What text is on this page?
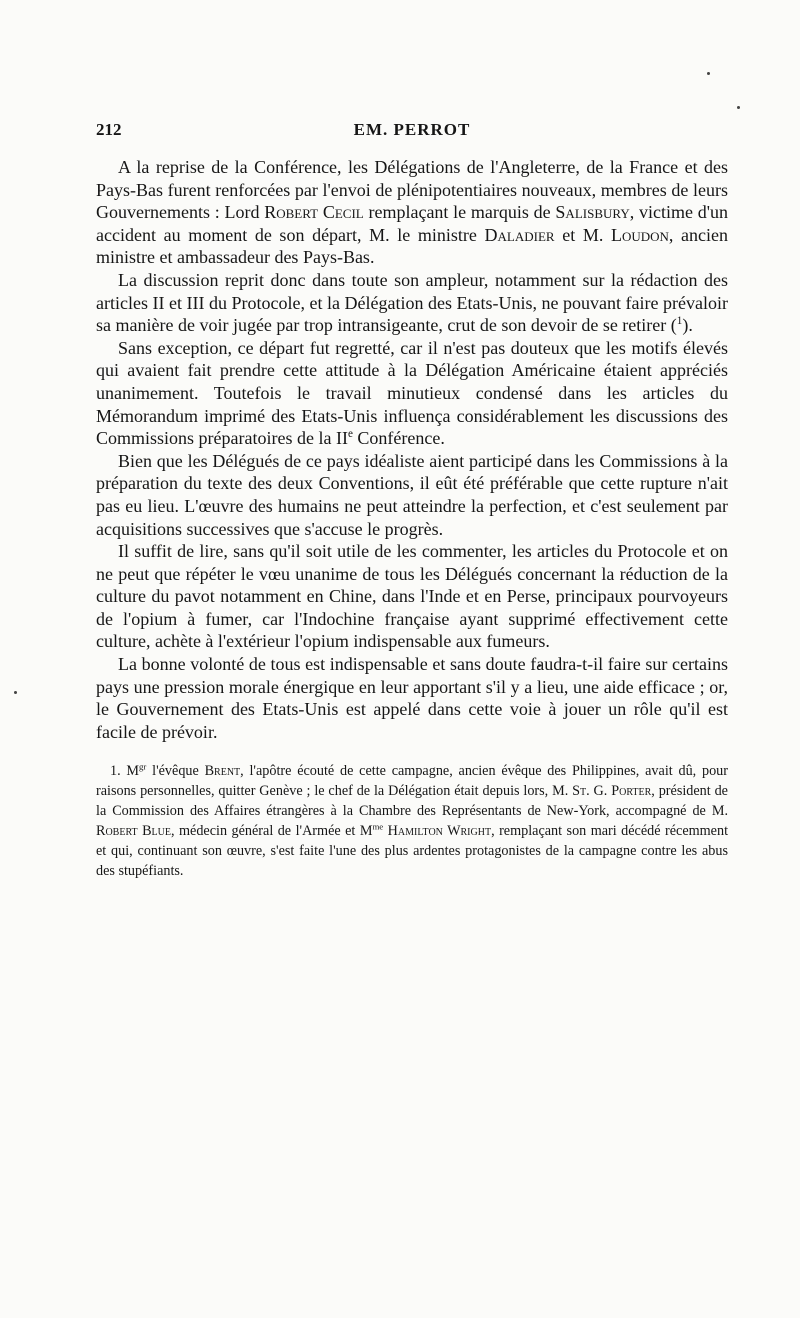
212	EM. PERROT

A la reprise de la Conférence, les Délégations de l'Angleterre, de la France et des Pays-Bas furent renforcées par l'envoi de plénipotentiaires nouveaux, membres de leurs Gouvernements : Lord Robert Cecil remplaçant le marquis de Salisbury, victime d'un accident au moment de son départ, M. le ministre Daladier et M. Loudon, ancien ministre et ambassadeur des Pays-Bas.

La discussion reprit donc dans toute son ampleur, notamment sur la rédaction des articles II et III du Protocole, et la Délégation des Etats-Unis, ne pouvant faire prévaloir sa manière de voir jugée par trop intransigeante, crut de son devoir de se retirer ($^1$).

Sans exception, ce départ fut regretté, car il n'est pas douteux que les motifs élevés qui avaient fait prendre cette attitude à la Délégation Américaine étaient appréciés unanimement. Toutefois le travail minutieux condensé dans les articles du Mémorandum imprimé des Etats-Unis influença considérablement les discussions des Commissions préparatoires de la IIe Conférence.

Bien que les Délégués de ce pays idéaliste aient participé dans les Commissions à la préparation du texte des deux Conventions, il eût été préférable que cette rupture n'ait pas eu lieu. L'œuvre des humains ne peut atteindre la perfection, et c'est seulement par acquisitions successives que s'accuse le progrès.

Il suffit de lire, sans qu'il soit utile de les commenter, les articles du Protocole et on ne peut que répéter le vœu unanime de tous les Délégués concernant la réduction de la culture du pavot notamment en Chine, dans l'Inde et en Perse, principaux pourvoyeurs de l'opium à fumer, car l'Indochine française ayant supprimé effectivement cette culture, achète à l'extérieur l'opium indispensable aux fumeurs.

La bonne volonté de tous est indispensable et sans doute faudra-t-il faire sur certains pays une pression morale énergique en leur apportant s'il y a lieu, une aide efficace ; or, le Gouvernement des Etats-Unis est appelé dans cette voie à jouer un rôle qu'il est facile de prévoir.

1. $M^{gr}$ l'évêque Brent, l'apôtre écouté de cette campagne, ancien évêque des Philippines, avait dû, pour raisons personnelles, quitter Genève ; le chef de la Délégation était depuis lors, M. St. G. Porter, président de la Commission des Affaires étrangères à la Chambre des Représentants de New-York, accompagné de M. Robert Blue, médecin général de l'Armée et $M^{me}$ Hamilton Wright, remplaçant son mari décédé récemment et qui, continuant son œuvre, s'est faite l'une des plus ardentes protagonistes de la campagne contre les abus des stupéfiants.
